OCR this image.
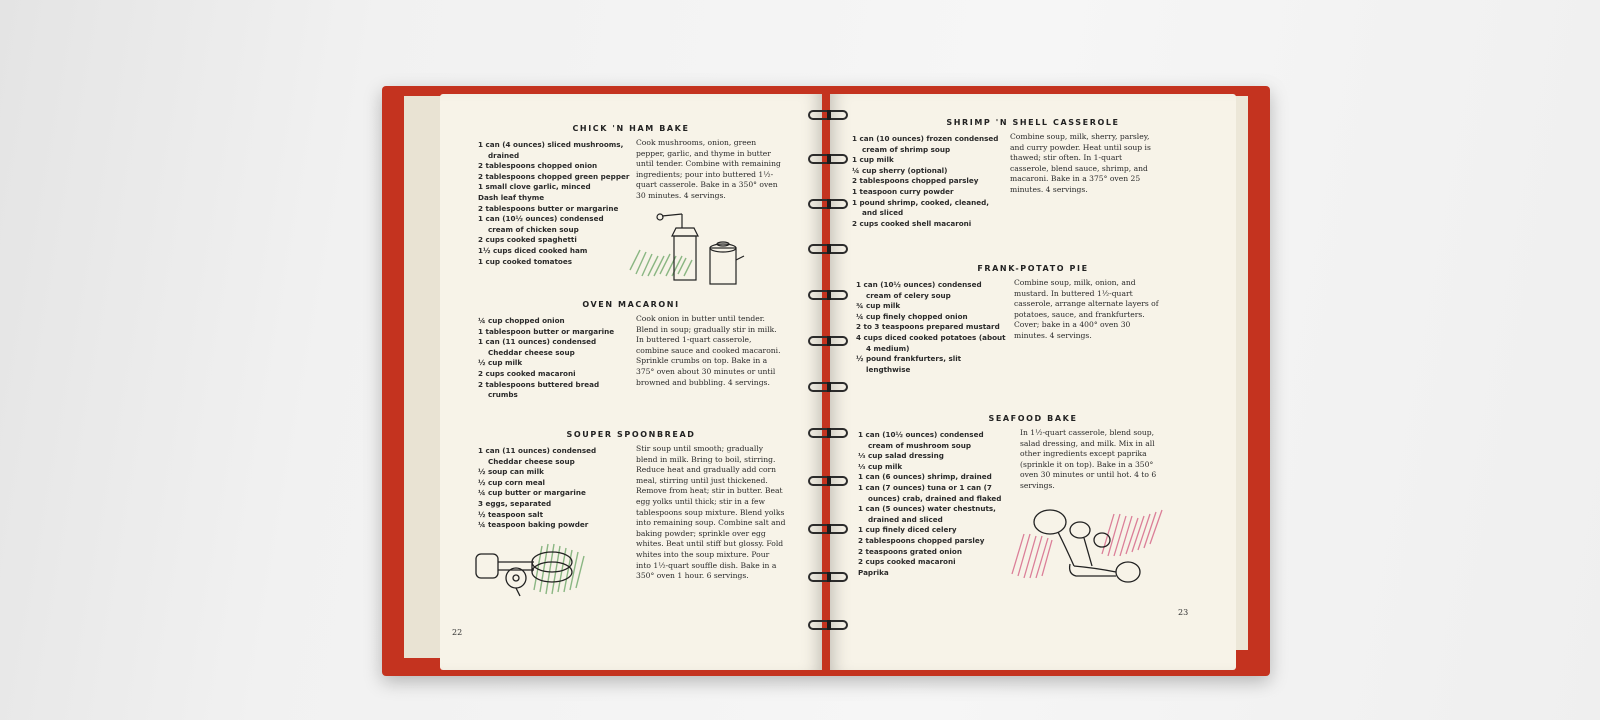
CHICK 'N HAM BAKE
1 can (4 ounces) sliced mushrooms, drained
2 tablespoons chopped onion
2 tablespoons chopped green pepper
1 small clove garlic, minced
Dash leaf thyme
2 tablespoons butter or margarine
1 can (10½ ounces) condensed cream of chicken soup
2 cups cooked spaghetti
1½ cups diced cooked ham
1 cup cooked tomatoes

Cook mushrooms, onion, green pepper, garlic, and thyme in butter until tender. Combine with remaining ingredients; pour into buttered 1½-quart casserole. Bake in a 350° oven 30 minutes. 4 servings.

OVEN MACARONI
¼ cup chopped onion
1 tablespoon butter or margarine
1 can (11 ounces) condensed Cheddar cheese soup
½ cup milk
2 cups cooked macaroni
2 tablespoons buttered bread crumbs

Cook onion in butter until tender. Blend in soup; gradually stir in milk. In buttered 1-quart casserole, combine sauce and cooked macaroni. Sprinkle crumbs on top. Bake in a 375° oven about 30 minutes or until browned and bubbling. 4 servings.

SOUPER SPOONBREAD
1 can (11 ounces) condensed Cheddar cheese soup
½ soup can milk
½ cup corn meal
¼ cup butter or margarine
3 eggs, separated
½ teaspoon salt
¼ teaspoon baking powder

Stir soup until smooth; gradually blend in milk. Bring to boil, stirring. Reduce heat and gradually add corn meal, stirring until just thickened. Remove from heat; stir in butter. Beat egg yolks until thick; stir in a few tablespoons soup mixture. Blend yolks into remaining soup. Combine salt and baking powder; sprinkle over egg whites. Beat until stiff but glossy. Fold whites into the soup mixture. Pour into 1½-quart souffle dish. Bake in a 350° oven 1 hour. 6 servings.

22
SHRIMP 'N SHELL CASSEROLE
1 can (10 ounces) frozen condensed cream of shrimp soup
1 cup milk
¼ cup sherry (optional)
2 tablespoons chopped parsley
1 teaspoon curry powder
1 pound shrimp, cooked, cleaned, and sliced
2 cups cooked shell macaroni

Combine soup, milk, sherry, parsley, and curry powder. Heat until soup is thawed; stir often. In 1-quart casserole, blend sauce, shrimp, and macaroni. Bake in a 375° oven 25 minutes. 4 servings.

FRANK-POTATO PIE
1 can (10½ ounces) condensed cream of celery soup
¾ cup milk
¼ cup finely chopped onion
2 to 3 teaspoons prepared mustard
4 cups diced cooked potatoes (about 4 medium)
½ pound frankfurters, slit lengthwise

Combine soup, milk, onion, and mustard. In buttered 1½-quart casserole, arrange alternate layers of potatoes, sauce, and frankfurters. Cover; bake in a 400° oven 30 minutes. 4 servings.

SEAFOOD BAKE
1 can (10½ ounces) condensed cream of mushroom soup
⅓ cup salad dressing
⅓ cup milk
1 can (6 ounces) shrimp, drained
1 can (7 ounces) tuna or 1 can (7 ounces) crab, drained and flaked
1 can (5 ounces) water chestnuts, drained and sliced
1 cup finely diced celery
2 tablespoons chopped parsley
2 teaspoons grated onion
2 cups cooked macaroni
Paprika

In 1½-quart casserole, blend soup, salad dressing, and milk. Mix in all other ingredients except paprika (sprinkle it on top). Bake in a 350° oven 30 minutes or until hot. 4 to 6 servings.

23
